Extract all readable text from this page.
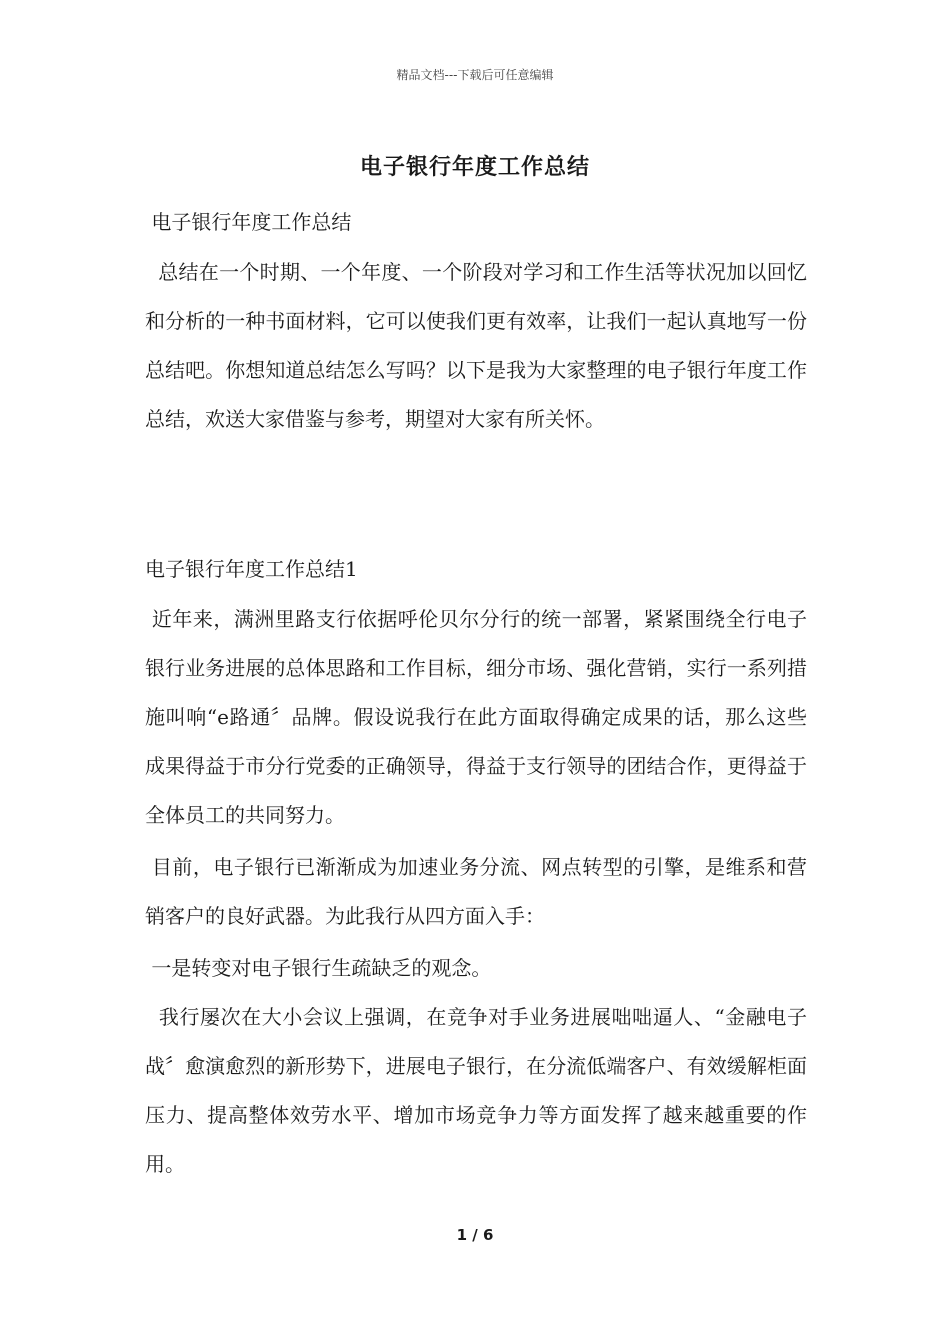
精品文档---下载后可任意编辑
电子银行年度工作总结

电子银行年度工作总结

总结在一个时期、一个年度、一个阶段对学习和工作生活等状况加以回忆和分析的一种书面材料，它可以使我们更有效率，让我们一起认真地写一份总结吧。你想知道总结怎么写吗？以下是我为大家整理的电子银行年度工作总结，欢送大家借鉴与参考，期望对大家有所关怀。

电子银行年度工作总结1

近年来，满洲里路支行依据呼伦贝尔分行的统一部署，紧紧围绕全行电子银行业务进展的总体思路和工作目标，细分市场、强化营销，实行一系列措施叫响“e路通〞品牌。假设说我行在此方面取得确定成果的话，那么这些成果得益于市分行党委的正确领导，得益于支行领导的团结合作，更得益于全体员工的共同努力。

目前，电子银行已渐渐成为加速业务分流、网点转型的引擎，是维系和营销客户的良好武器。为此我行从四方面入手：

一是转变对电子银行生疏缺乏的观念。

我行屡次在大小会议上强调，在竞争对手业务进展咄咄逼人、“金融电子战〞愈演愈烈的新形势下，进展电子银行，在分流低端客户、有效缓解柜面压力、提高整体效劳水平、增加市场竞争力等方面发挥了越来越重要的作用。

1 / 6
